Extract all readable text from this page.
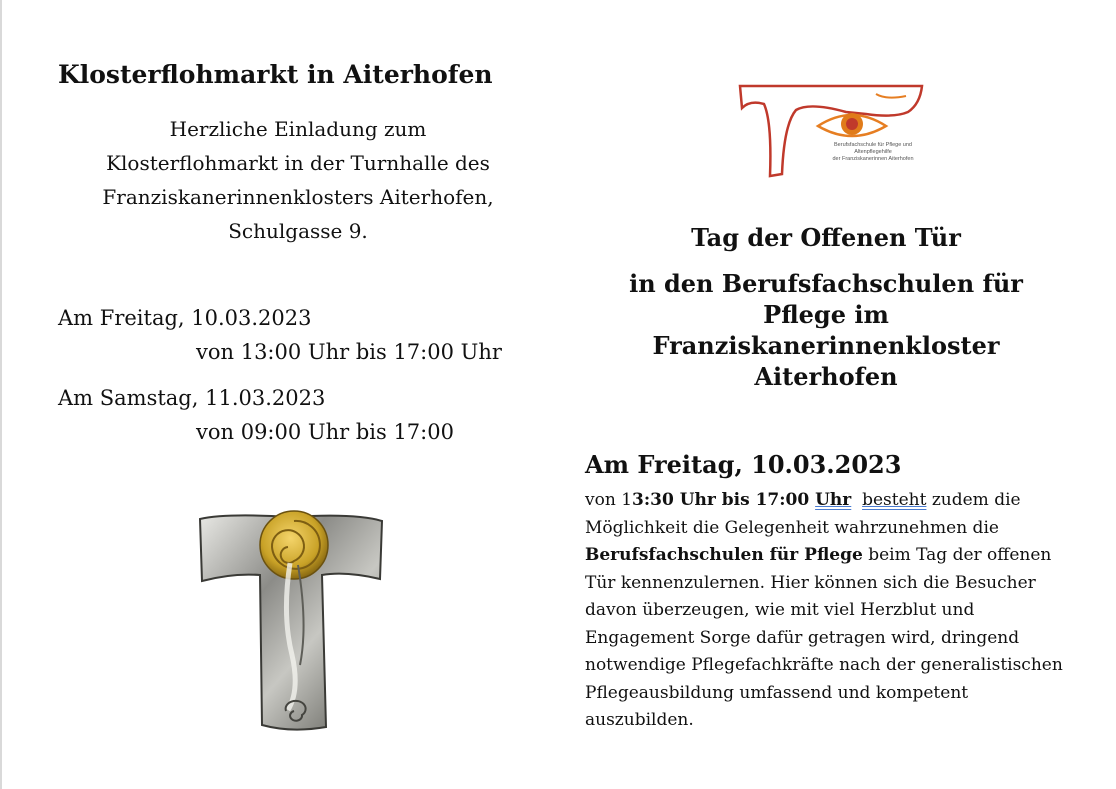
Klosterflohmarkt in Aiterhofen
Herzliche Einladung zum
Klosterflohmarkt in der Turnhalle des
Franziskanerinnenklosters Aiterhofen,
Schulgasse 9.
Am Freitag, 10.03.2023
von 13:00 Uhr bis 17:00 Uhr
Am Samstag, 11.03.2023
von 09:00 Uhr bis 17:00
Berufsfachschule für Pflege und Altenpflegehilfe
der Franziskanerinnen Aiterhofen
Tag der Offenen Tür
in den Berufsfachschulen für
Pflege im
Franziskanerinnenkloster
Aiterhofen
Am Freitag, 10.03.2023
von 13:30 Uhr bis 17:00 Uhr besteht zudem die Möglichkeit die Gelegenheit wahrzunehmen die Berufsfachschulen für Pflege beim Tag der offenen Tür kennenzulernen. Hier können sich die Besucher davon überzeugen, wie mit viel Herzblut und Engagement Sorge dafür getragen wird, dringend notwendige Pflegefachkräfte nach der generalistischen Pflegeausbildung umfassend und kompetent auszubilden.
